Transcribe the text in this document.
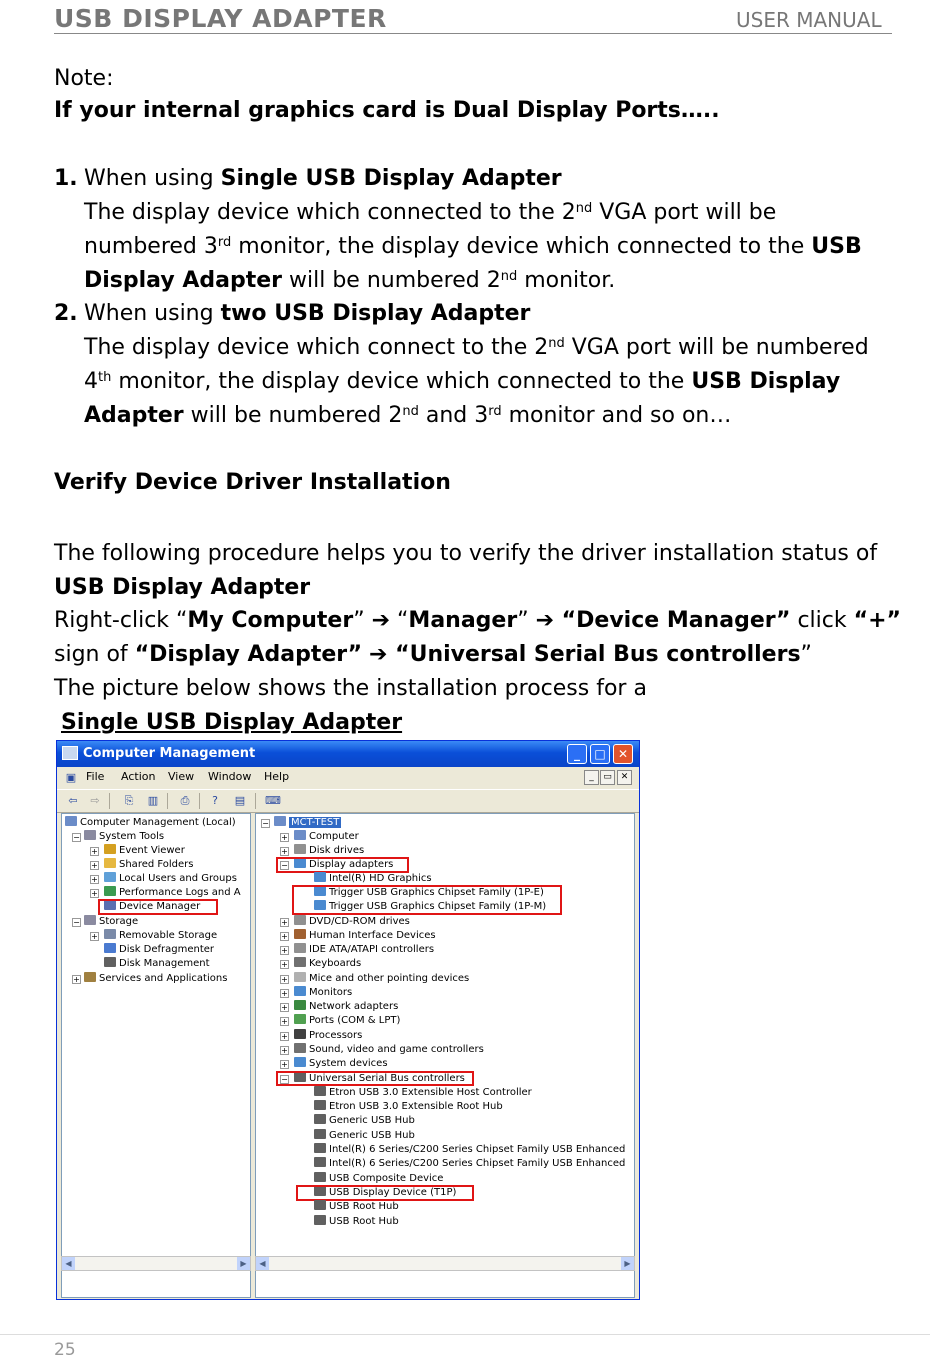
USB DISPLAY ADAPTER	USER MANUAL
Note:
If your internal graphics card is Dual Display Ports…..
1. When using Single USB Display Adapter
The display device which connected to the 2nd VGA port will be
numbered 3rd monitor, the display device which connected to the USB
Display Adapter will be numbered 2nd monitor.
2. When using two USB Display Adapter
The display device which connect to the 2nd VGA port will be numbered
4th monitor, the display device which connected to the USB Display
Adapter will be numbered 2nd and 3rd monitor and so on…
Verify Device Driver Installation
The following procedure helps you to verify the driver installation status of
USB Display Adapter
Right-click “My Computer” ➔ “Manager” ➔ “Device Manager” click “+”
sign of “Display Adapter” ➔ “Universal Serial Bus controllers”
The picture below shows the installation process for a
Single USB Display Adapter
Computer Management	_	□	✕
▣ File Action View Window Help	_	▭ ✕
⇦	⇨	⎘	▥	⎙	?	▤ ⌨
Computer Management (Local)
−	System Tools
+	Event Viewer
+	Shared Folders
+	Local Users and Groups
+	Performance Logs and A
Device Manager
−	Storage
+	Removable Storage
Disk Defragmenter
Disk Management
+	Services and Applications
◀	▶
−	MCT-TEST
+	Computer
+	Disk drives
−	Display adapters
Intel(R) HD Graphics
Trigger USB Graphics Chipset Family (1P-E)
Trigger USB Graphics Chipset Family (1P-M)
+	DVD/CD-ROM drives
+	Human Interface Devices
+	IDE ATA/ATAPI controllers
+	Keyboards
+	Mice and other pointing devices
+	Monitors
+	Network adapters
+	Ports (COM & LPT)
+	Processors
+	Sound, video and game controllers
+	System devices
−	Universal Serial Bus controllers
Etron USB 3.0 Extensible Host Controller
Etron USB 3.0 Extensible Root Hub
Generic USB Hub
Generic USB Hub
Intel(R) 6 Series/C200 Series Chipset Family USB Enhanced
Intel(R) 6 Series/C200 Series Chipset Family USB Enhanced
USB Composite Device
USB Display Device (T1P)
USB Root Hub
USB Root Hub
◀	▶
25
